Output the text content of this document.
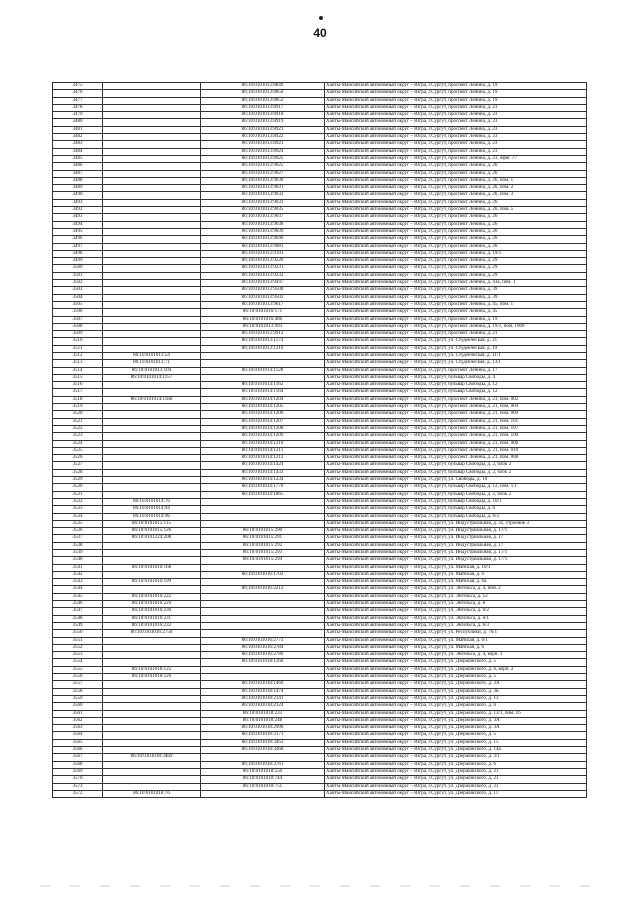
40
3475		86:10:0101013:8849	Ханты-Мансийский автономный округ – Югра, г.Сургут, проспект Ленина, д. 19
3476		86:10:0101013:8850	Ханты-Мансийский автономный округ – Югра, г.Сургут, проспект Ленина, д. 19
3477		86:10:0101013:8852	Ханты-Мансийский автономный округ – Югра, г.Сургут, проспект Ленина, д. 19
3478		86:10:0101013:8917	Ханты-Мансийский автономный округ – Югра, г.Сургут, проспект Ленина, д. 23
3479		86:10:0101013:8918	Ханты-Мансийский автономный округ – Югра, г.Сургут, проспект Ленина, д. 23
3480		86:10:0101013:8919	Ханты-Мансийский автономный округ – Югра, г.Сургут, проспект Ленина, д. 23
3481		86:10:0101013:8921	Ханты-Мансийский автономный округ – Югра, г.Сургут, проспект Ленина, д. 23
3482		86:10:0101013:8922	Ханты-Мансийский автономный округ – Югра, г.Сургут, проспект Ленина, д. 23
3483		86:10:0101013:8923	Ханты-Мансийский автономный округ – Югра, г.Сургут, проспект Ленина, д. 23
3484		86:10:0101013:8924	Ханты-Мансийский автономный округ – Югра, г.Сургут, проспект Ленина, д. 23
3485		86:10:0101013:8925	Ханты-Мансийский автономный округ – Югра, г.Сургут, проспект Ленина, д. 23, офис 77
3486		86:10:0101013:9025	Ханты-Мансийский автономный округ – Югра, г.Сургут, проспект Ленина, д. 26
3487		86:10:0101013:9027	Ханты-Мансийский автономный округ – Югра, г.Сургут, проспект Ленина, д. 26
3488		86:10:0101013:9030	Ханты-Мансийский автономный округ – Югра, г.Сургут, проспект Ленина, д. 26, пом. 1
3489		86:10:0101013:9031	Ханты-Мансийский автономный округ – Югра, г.Сургут, проспект Ленина, д. 26, пом. 2
3490		86:10:0101013:9032	Ханты-Мансийский автономный округ – Югра, г.Сургут, проспект Ленина, д. 26, пом. 3
3491		86:10:0101013:9033	Ханты-Мансийский автономный округ – Югра, г.Сургут, проспект Ленина, д. 26
3492		86:10:0101013:9035	Ханты-Мансийский автономный округ – Югра, г.Сургут, проспект Ленина, д. 26, пом. 5
3493		86:10:0101013:9037	Ханты-Мансийский автономный округ – Югра, г.Сургут, проспект Ленина, д. 26
3494		86:10:0101013:9038	Ханты-Мансийский автономный округ – Югра, г.Сургут, проспект Ленина, д. 26
3495		86:10:0101013:9039	Ханты-Мансийский автономный округ – Югра, г.Сургут, проспект Ленина, д. 26
3496		86:10:0101013:9040	Ханты-Мансийский автономный округ – Югра, г.Сургут, проспект Ленина, д. 26
3497		86:10:0101013:9083	Ханты-Мансийский автономный округ – Югра, г.Сургут, проспект Ленина, д. 26
3498		86:10:0101013:9193	Ханты-Мансийский автономный округ – Югра, г.Сургут, проспект Ленина, д. 19/1
3499		86:10:0101013:9226	Ханты-Мансийский автономный округ – Югра, г.Сургут, проспект Ленина, д. 29
3500		86:10:0101013:9231	Ханты-Мансийский автономный округ – Югра, г.Сургут, проспект Ленина, д. 29
3501		86:10:0101013:9232	Ханты-Мансийский автономный округ – Югра, г.Сургут, проспект Ленина, д. 29
3502		86:10:0101013:9447	Ханты-Мансийский автономный округ – Югра, г.Сургут, проспект Ленина, д. 43а, пом. 1
3503		86:10:0101013:9500	Ханты-Мансийский автономный округ – Югра, г.Сургут, проспект Ленина, д. 39
3504		86:10:0101013:9502	Ханты-Мансийский автономный округ – Югра, г.Сургут, проспект Ленина, д. 39
3505		86:10:0101013:9617	Ханты-Мансийский автономный округ – Югра, г.Сургут, проспект Ленина, д. 45, пом. 1
3506		86:10:0101016:171	Ханты-Мансийский автономный округ – Югра, г.Сургут, проспект Ленина, д. 45
3507		86:10:0101016:486	Ханты-Мансийский автономный округ – Югра, г.Сургут, проспект Ленина, д. 19
3508		86:10:0101013:993	Ханты-Мансийский автономный округ – Югра, г.Сургут, проспект Ленина, д. 19/1, пом. 1009
3509		86:10:0101013:9912	Ханты-Мансийский автономный округ – Югра, г.Сургут, проспект Ленина, д. 21
3510		86:10:0101013:1174	Ханты-Мансийский автономный округ – Югра, г.Сургут, ул. Студенческая, д. 21
3511		86:10:0101013:1216	Ханты-Мансийский автономный округ – Югра, г.Сургут, ул. Студенческая, д. 19
3512	86:10:0101013:54		Ханты-Мансийский автономный округ – Югра, г.Сургут, ул. Студенческая, д. 11/1
3513	86:10:0101013:71		Ханты-Мансийский автономный округ – Югра, г.Сургут, ул. Студенческая, д. 13/1
3514	86:10:0101013:104	86:10:0101014:1128	Ханты-Мансийский автономный округ – Югра, г.Сургут, проспект Ленина, д. 17
3515	86:10:0101014:1157		Ханты-Мансийский автономный округ – Югра, г.Сургут, бульвар Свободы, д. 4
3516		86:10:0101014:1162	Ханты-Мансийский автономный округ – Югра, г.Сургут, бульвар Свободы, д. 12
3517		86:10:0101014:1164	Ханты-Мансийский автономный округ – Югра, г.Сургут, бульвар Свободы, д. 12
3518	86:10:0101014:1186	86:10:0101014:1204	Ханты-Мансийский автономный округ – Югра, г.Сургут, проспект Ленина, д. 21, пом. 002
3519		86:10:0101014:1205	Ханты-Мансийский автономный округ – Югра, г.Сургут, проспект Ленина, д. 21, пом. 004
3520		86:10:0101014:1206	Ханты-Мансийский автономный округ – Югра, г.Сургут, проспект Ленина, д. 21, пом. 009
3521		86:10:0101014:1207	Ханты-Мансийский автономный округ – Югра, г.Сургут, проспект Ленина, д. 21, пом. 101
3522		86:10:0101014:1208	Ханты-Мансийский автономный округ – Югра, г.Сургут, проспект Ленина, д. 21, пом. 107
3523		86:10:0101014:1209	Ханты-Мансийский автономный округ – Югра, г.Сургут, проспект Ленина, д. 21, пом. 100
3524		86:10:0101014:1210	Ханты-Мансийский автономный округ – Югра, г.Сургут, проспект Ленина, д. 21, пом. 006
3525		86:10:0101014:1211	Ханты-Мансийский автономный округ – Югра, г.Сургут, проспект Ленина, д. 21, пом. 010
3526		86:10:0101014:1212	Ханты-Мансийский автономный округ – Югра, г.Сургут, проспект Ленина, д. 21, пом. 008
3527		86:10:0101014:1424	Ханты-Мансийский автономный округ – Югра, г.Сургут, бульвар Свободы, д. 2, блок 2
3528		86:10:0101014:1433	Ханты-Мансийский автономный округ – Югра, г.Сургут, бульвар Свободы, д. 2, блок 2
3529		86:10:0101014:1234	Ханты-Мансийский автономный округ – Югра, г.Сургут, ул. Свободы, д. 10
3530		86:10:0101014:1770	Ханты-Мансийский автономный округ – Югра, г.Сургут, бульвар Свободы, д. 12, пом. 1.1
3531		86:10:0101014:1865	Ханты-Мансийский автономный округ – Югра, г.Сургут, бульвар Свободы, д. 2, блок 2
3532	86:10:0101014:76		Ханты-Мансийский автономный округ – Югра, г.Сургут, бульвар Свободы, д. 10/1
3533	86:10:0101014:94		Ханты-Мансийский автономный округ – Югра, г.Сургут, бульвар Свободы, д. 6
3534	86:10:0101014:96		Ханты-Мансийский автономный округ – Югра, г.Сургут, бульвар Свободы, д. 6/3
3535	86:10:0101015:115		Ханты-Мансийский автономный округ – Югра, г.Сургут, ул. Индустриальная, д. 32, строение 3
3536	86:10:0101015:126	86:10:0101015:290	Ханты-Мансийский автономный округ – Югра, г.Сургут, ул. Индустриальная, д. 17/1
3537	86:10:0101224:208	86:10:0101015:291	Ханты-Мансийский автономный округ – Югра, г.Сургут, ул. Индустриальная, д. 17
3538		86:10:0101015:292	Ханты-Мансийский автономный округ – Югра, г.Сургут, ул. Индустриальная, д. 17
3539		86:10:0101015:293	Ханты-Мансийский автономный округ – Югра, г.Сургут, ул. Индустриальная, д. 17/1
3540		86:10:0101015:294	Ханты-Мансийский автономный округ – Югра, г.Сургут, ул. Индустриальная, д. 17/1
3541	86:10:0101016:168		Ханты-Мансийский автономный округ – Югра, г.Сургут, ул. Майская, д. 10/1
3542		86:10:0101016:1702	Ханты-Мансийский автономный округ – Югра, г.Сургут, ул. Майская, д. 6
3543	86:10:0101016:199		Ханты-Мансийский автономный округ – Югра, г.Сургут, ул. Майская, д. 6а
3544		86:10:0101016:2212	Ханты-Мансийский автономный округ – Югра, г.Сургут, ул. Энгельса, д. 4, пом. 2
3545	86:10:0101016:222		Ханты-Мансийский автономный округ – Югра, г.Сургут, ул. Энгельса, д. 12
3546	86:10:0101016:229		Ханты-Мансийский автономный округ – Югра, г.Сургут, ул. Энгельса, д. 8
3547	86:10:0101016:230		Ханты-Мансийский автономный округ – Югра, г.Сургут, ул. Энгельса, д. 6/2
3548	86:10:0101016:231		Ханты-Мансийский автономный округ – Югра, г.Сургут, ул. Энгельса, д. 6/1
3549	86:10:0101016:232		Ханты-Мансийский автономный округ – Югра, г.Сургут, ул. Энгельса, д. 6/3
3550	86:10:0101016:2750		Ханты-Мансийский автономный округ – Югра, г.Сургут, ул. Республики, д. 76/1
3551		86:10:0101016:2773	Ханты-Мансийский автономный округ – Югра, г.Сургут, ул. Майская, д. 6/1
3552		86:10:0101016:2784	Ханты-Мансийский автономный округ – Югра, г.Сургут, ул. Майская, д. 6
3553		86:10:0101016:2786	Ханты-Мансийский автономный округ – Югра, г.Сургут, ул. Энгельса, д. 4, корп. 3
3554		86:10:0101018:1160	Ханты-Мансийский автономный округ – Югра, г.Сургут, ул. Дзержинского, д. 5
3555	86:10:0101018:125		Ханты-Мансийский автономный округ – Югра, г.Сургут, ул. Дзержинского, д. 6, корп. 2
3556	86:10:0101018:126		Ханты-Мансийский автономный округ – Югра, г.Сургут, ул. Дзержинского, д. 5
3557		86:10:0101018:1469	Ханты-Мансийский автономный округ – Югра, г.Сургут, ул. Дзержинского, д. 3А
3558		86:10:0101018:1474	Ханты-Мансийский автономный округ – Югра, г.Сургут, ул. Дзержинского, д. 3Б
3559		86:10:0101018:2141	Ханты-Мансийский автономный округ – Югра, г.Сургут, ул. Дзержинского, д. 13
3560		86:10:0101018:2124	Ханты-Мансийский автономный округ – Югра, г.Сургут, ул. Дзержинского, д. 6
3561		86:10:0101018:233	Ханты-Мансийский автономный округ – Югра, г.Сургут, ул. Дзержинского, д. 13/1, пом. 16
3562		86:10:0101018:248	Ханты-Мансийский автономный округ – Югра, г.Сургут, ул. Дзержинского, д. 3А
3563		86:10:0101018:2990	Ханты-Мансийский автономный округ – Югра, г.Сургут, ул. Дзержинского, д. 3А
3564		86:10:0101018:3171	Ханты-Мансийский автономный округ – Югра, г.Сургут, ул. Дзержинского, д. 5
3565		86:10:0101018:3463	Ханты-Мансийский автономный округ – Югра, г.Сургут, ул. Дзержинского, д. 15
3566		86:10:0101018:3468	Ханты-Мансийский автономный округ – Югра, г.Сургут, ул. Дзержинского, д. 14а
3567	86:10:0101018:3469		Ханты-Мансийский автономный округ – Югра, г.Сургут, ул. Дзержинского, д. 3/1
3568		86:10:0101018:3761	Ханты-Мансийский автономный округ – Югра, г.Сургут, ул. Дзержинского, д. 6
3569		86:10:0101018:550	Ханты-Мансийский автономный округ – Югра, г.Сургут, ул. Дзержинского, д. 21
3570		86:10:0101018:744	Ханты-Мансийский автономный округ – Югра, г.Сургут, ул. Дзержинского, д. 21
3571		86:10:0101018:751	Ханты-Мансийский автономный округ – Югра, г.Сургут, ул. Дзержинского, д. 21
3572	86:10:0101018:76		Ханты-Мансийский автономный округ – Югра, г.Сургут, ул. Дзержинского, д. 11
